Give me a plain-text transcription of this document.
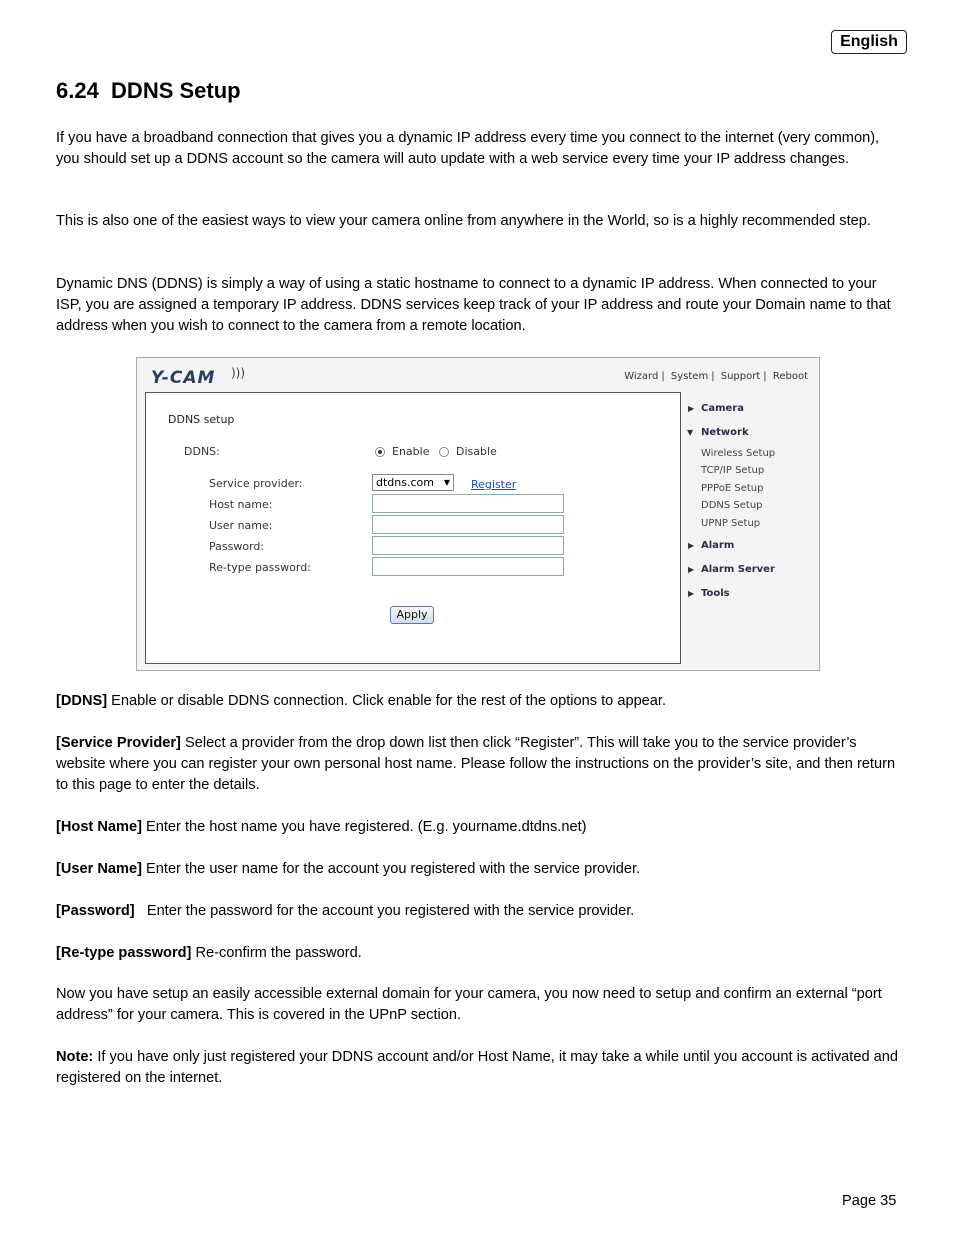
English
6.24  DDNS Setup

If you have a broadband connection that gives you a dynamic IP address every time you connect to the internet (very common), you should set up a DDNS account so the camera will auto update with a web service every time your IP address changes.

This is also one of the easiest ways to view your camera online from anywhere in the World, so is a highly recommended step.

Dynamic DNS (DDNS) is simply a way of using a static hostname to connect to a dynamic IP address. When connected to your ISP, you are assigned a temporary IP address. DDNS services keep track of your IP address and route your Domain name to that address when you wish to connect to the camera from a remote location.

Y-CAM )))	Wizard | System | Support | Reboot
DDNS setup
DDNS:	Enable Disable
Service provider:	dtdns.com ▼ Register
Host name:
User name:
Password:
Re-type password:
Apply
▶ Camera
▼ Network
Wireless Setup
TCP/IP Setup
PPPoE Setup
DDNS Setup
UPNP Setup
▶ Alarm
▶ Alarm Server
▶ Tools

[DDNS] Enable or disable DDNS connection. Click enable for the rest of the options to appear.

[Service Provider] Select a provider from the drop down list then click “Register”. This will take you to the service provider’s website where you can register your own personal host name. Please follow the instructions on the provider’s site, and then return to this page to enter the details.

[Host Name] Enter the host name you have registered. (E.g. yourname.dtdns.net)

[User Name] Enter the user name for the account you registered with the service provider.

[Password]   Enter the password for the account you registered with the service provider.

[Re-type password] Re-confirm the password.

Now you have setup an easily accessible external domain for your camera, you now need to setup and confirm an external “port address” for your camera. This is covered in the UPnP section.

Note: If you have only just registered your DDNS account and/or Host Name, it may take a while until you account is activated and registered on the internet.

Page 35
